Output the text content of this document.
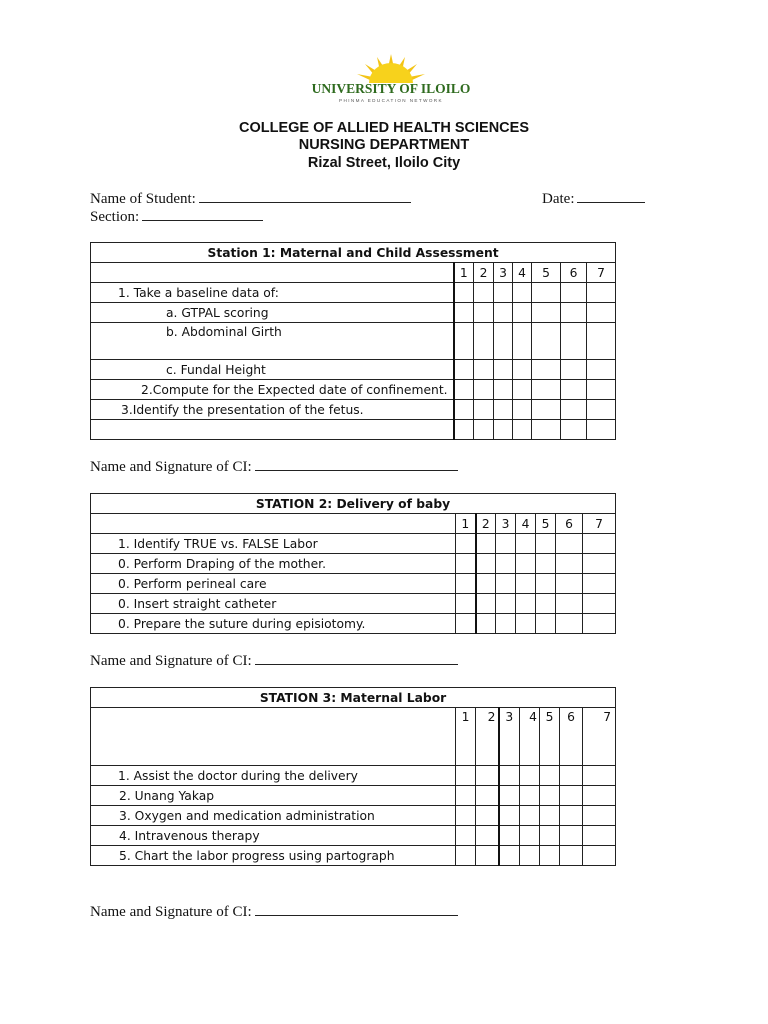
UNIVERSITY OF ILOILO
PHINMA EDUCATION NETWORK
COLLEGE OF ALLIED HEALTH SCIENCES
NURSING DEPARTMENT
Rizal Street, Iloilo City
Name of Student:	Date:
Section:
Station 1: Maternal and Child Assessment							
	1	2	3	4	5	6	7
1. Take a baseline data of:							
a. GTPAL scoring							
b. Abdominal Girth							
c. Fundal Height							
2.Compute for the Expected date of confinement.							
3.Identify the presentation of the fetus.							

Name and Signature of CI:
STATION 2: Delivery of baby							
	1	2	3	4	5	6	7
1. Identify TRUE vs. FALSE Labor							
0. Perform Draping of the mother.							
0. Perform perineal care							
0. Insert straight catheter							
0. Prepare the suture during episiotomy.							
Name and Signature of CI:
STATION 3: Maternal Labor							
	1	2	3	4	5	6	7
1. Assist the doctor during the delivery							
2. Unang Yakap							
3. Oxygen and medication administration							
4. Intravenous therapy							
5. Chart the labor progress using partograph							
Name and Signature of CI:
